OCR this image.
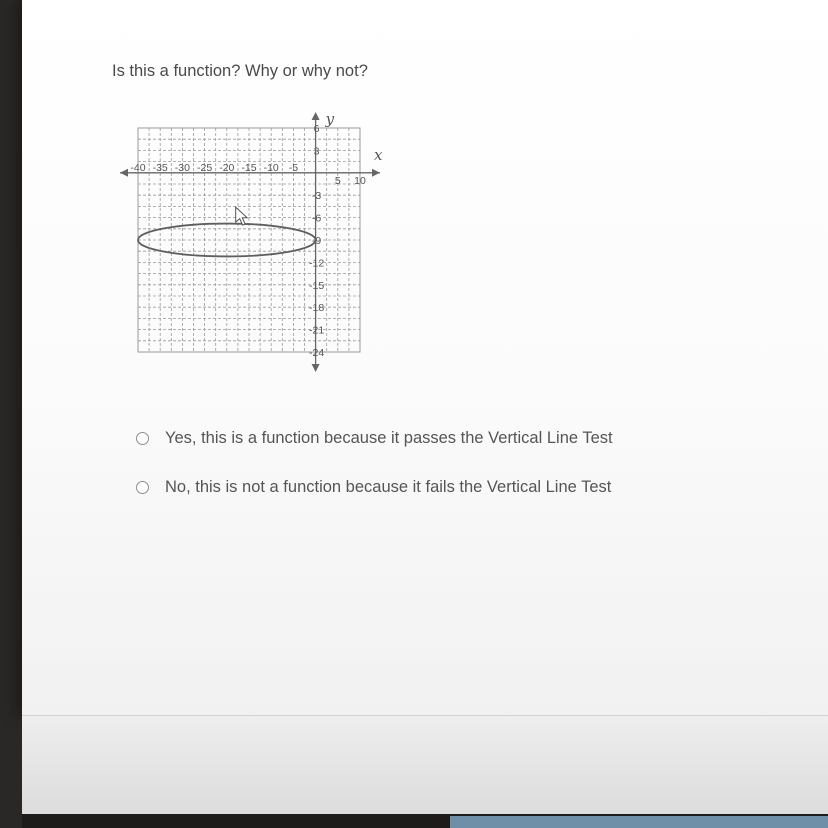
Is this a function? Why or why not?

-40 -35 -30 -25 -20 -15 -10 -5
5 10
6
3
-3
-6
-9
-12
-15
-18
-21
-24
x
y
Yes, this is a function because it passes the Vertical Line Test
No, this is not a function because it fails the Vertical Line Test
